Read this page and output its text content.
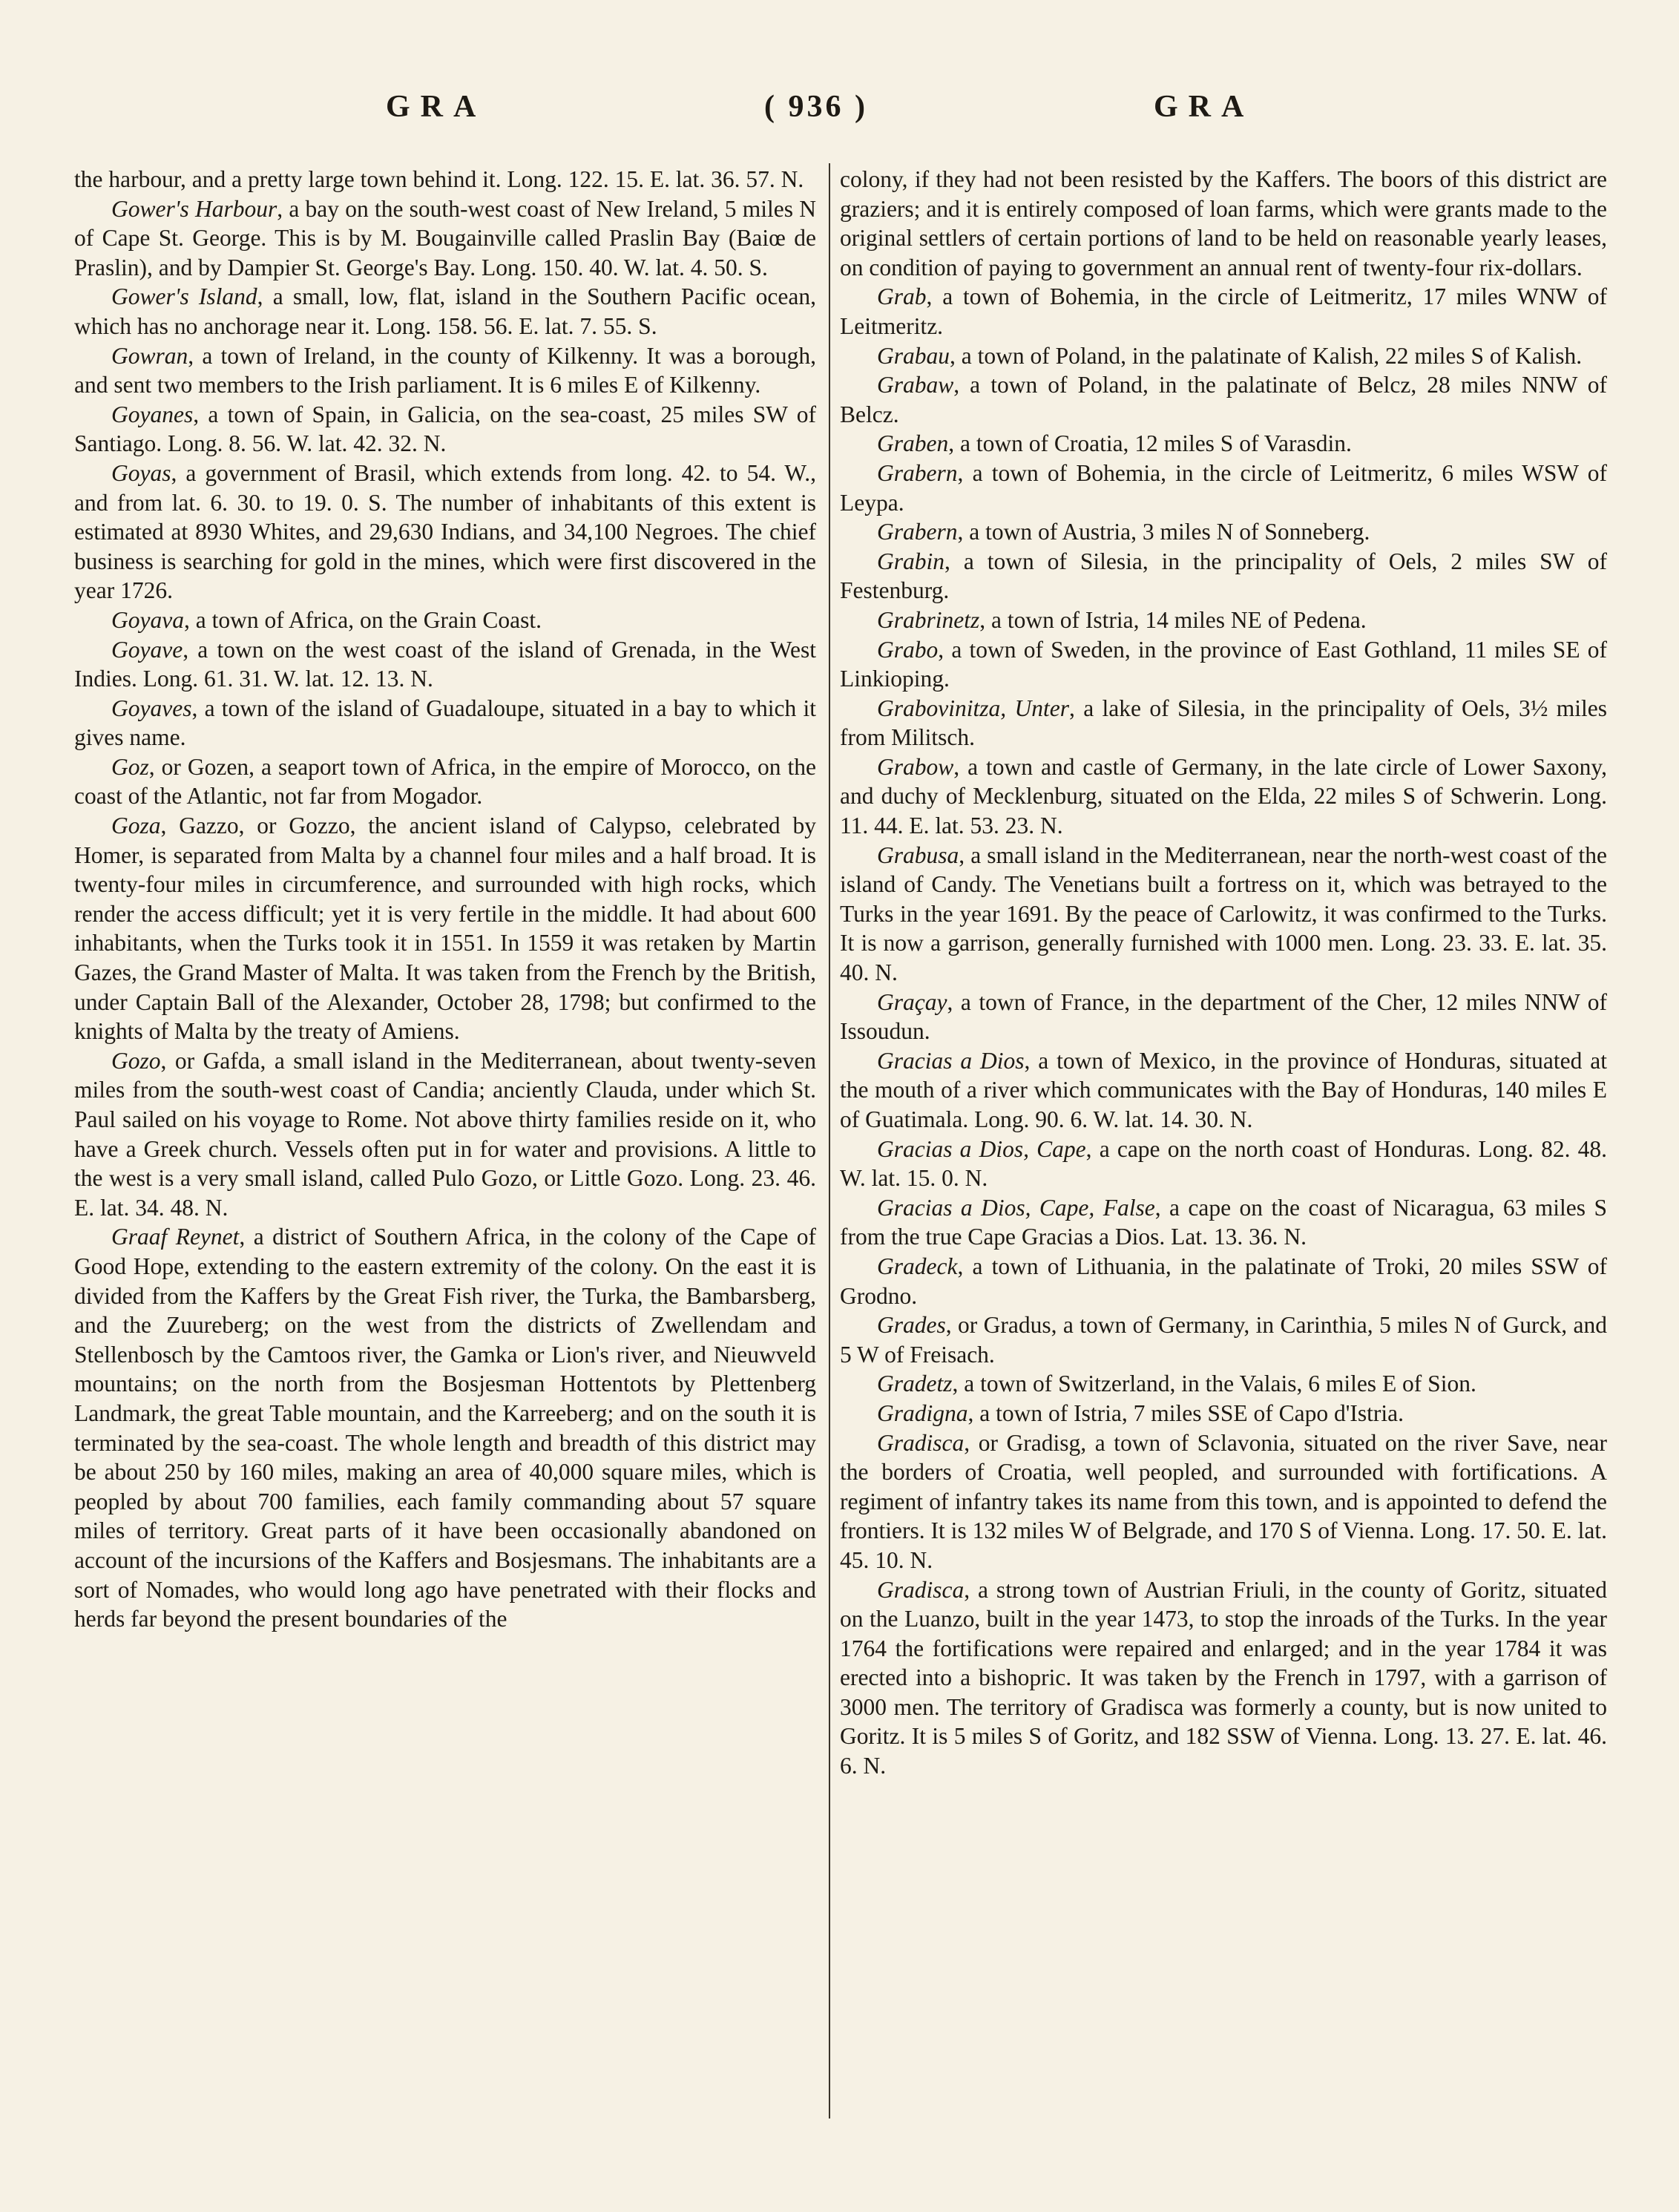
GRA	( 936 )	GRA

the harbour, and a pretty large town behind it. Long. 122. 15. E. lat. 36. 57. N.

Gower's Harbour, a bay on the south-west coast of New Ireland, 5 miles N of Cape St. George. This is by M. Bougainville called Praslin Bay (Baiœ de Praslin), and by Dampier St. George's Bay. Long. 150. 40. W. lat. 4. 50. S.

Gower's Island, a small, low, flat, island in the Southern Pacific ocean, which has no anchorage near it. Long. 158. 56. E. lat. 7. 55. S.

Gowran, a town of Ireland, in the county of Kilkenny. It was a borough, and sent two members to the Irish parliament. It is 6 miles E of Kilkenny.

Goyanes, a town of Spain, in Galicia, on the sea-coast, 25 miles SW of Santiago. Long. 8. 56. W. lat. 42. 32. N.

Goyas, a government of Brasil, which extends from long. 42. to 54. W., and from lat. 6. 30. to 19. 0. S. The number of inhabitants of this extent is estimated at 8930 Whites, and 29,630 Indians, and 34,100 Negroes. The chief business is searching for gold in the mines, which were first discovered in the year 1726.

Goyava, a town of Africa, on the Grain Coast.

Goyave, a town on the west coast of the island of Grenada, in the West Indies. Long. 61. 31. W. lat. 12. 13. N.

Goyaves, a town of the island of Guadaloupe, situated in a bay to which it gives name.

Goz, or Gozen, a seaport town of Africa, in the empire of Morocco, on the coast of the Atlantic, not far from Mogador.

Goza, Gazzo, or Gozzo, the ancient island of Calypso, celebrated by Homer, is separated from Malta by a channel four miles and a half broad. It is twenty-four miles in circumference, and surrounded with high rocks, which render the access difficult; yet it is very fertile in the middle. It had about 600 inhabitants, when the Turks took it in 1551. In 1559 it was retaken by Martin Gazes, the Grand Master of Malta. It was taken from the French by the British, under Captain Ball of the Alexander, October 28, 1798; but confirmed to the knights of Malta by the treaty of Amiens.

Gozo, or Gafda, a small island in the Mediterranean, about twenty-seven miles from the south-west coast of Candia; anciently Clauda, under which St. Paul sailed on his voyage to Rome. Not above thirty families reside on it, who have a Greek church. Vessels often put in for water and provisions. A little to the west is a very small island, called Pulo Gozo, or Little Gozo. Long. 23. 46. E. lat. 34. 48. N.

Graaf Reynet, a district of Southern Africa, in the colony of the Cape of Good Hope, extending to the eastern extremity of the colony. On the east it is divided from the Kaffers by the Great Fish river, the Turka, the Bambarsberg, and the Zuureberg; on the west from the districts of Zwellendam and Stellenbosch by the Camtoos river, the Gamka or Lion's river, and Nieuwveld mountains; on the north from the Bosjesman Hottentots by Plettenberg Landmark, the great Table mountain, and the Karreeberg; and on the south it is terminated by the sea-coast. The whole length and breadth of this district may be about 250 by 160 miles, making an area of 40,000 square miles, which is peopled by about 700 families, each family commanding about 57 square miles of territory. Great parts of it have been occasionally abandoned on account of the incursions of the Kaffers and Bosjesmans. The inhabitants are a sort of Nomades, who would long ago have penetrated with their flocks and herds far beyond the present boundaries of the

colony, if they had not been resisted by the Kaffers. The boors of this district are graziers; and it is entirely composed of loan farms, which were grants made to the original settlers of certain portions of land to be held on reasonable yearly leases, on condition of paying to government an annual rent of twenty-four rix-dollars.

Grab, a town of Bohemia, in the circle of Leitmeritz, 17 miles WNW of Leitmeritz.

Grabau, a town of Poland, in the palatinate of Kalish, 22 miles S of Kalish.

Grabaw, a town of Poland, in the palatinate of Belcz, 28 miles NNW of Belcz.

Graben, a town of Croatia, 12 miles S of Varasdin.

Grabern, a town of Bohemia, in the circle of Leitmeritz, 6 miles WSW of Leypa.

Grabern, a town of Austria, 3 miles N of Sonneberg.

Grabin, a town of Silesia, in the principality of Oels, 2 miles SW of Festenburg.

Grabrinetz, a town of Istria, 14 miles NE of Pedena.

Grabo, a town of Sweden, in the province of East Gothland, 11 miles SE of Linkioping.

Grabovinitza, Unter, a lake of Silesia, in the principality of Oels, 3½ miles from Militsch.

Grabow, a town and castle of Germany, in the late circle of Lower Saxony, and duchy of Mecklenburg, situated on the Elda, 22 miles S of Schwerin. Long. 11. 44. E. lat. 53. 23. N.

Grabusa, a small island in the Mediterranean, near the north-west coast of the island of Candy. The Venetians built a fortress on it, which was betrayed to the Turks in the year 1691. By the peace of Carlowitz, it was confirmed to the Turks. It is now a garrison, generally furnished with 1000 men. Long. 23. 33. E. lat. 35. 40. N.

Graçay, a town of France, in the department of the Cher, 12 miles NNW of Issoudun.

Gracias a Dios, a town of Mexico, in the province of Honduras, situated at the mouth of a river which communicates with the Bay of Honduras, 140 miles E of Guatimala. Long. 90. 6. W. lat. 14. 30. N.

Gracias a Dios, Cape, a cape on the north coast of Honduras. Long. 82. 48. W. lat. 15. 0. N.

Gracias a Dios, Cape, False, a cape on the coast of Nicaragua, 63 miles S from the true Cape Gracias a Dios. Lat. 13. 36. N.

Gradeck, a town of Lithuania, in the palatinate of Troki, 20 miles SSW of Grodno.

Grades, or Gradus, a town of Germany, in Carinthia, 5 miles N of Gurck, and 5 W of Freisach.

Gradetz, a town of Switzerland, in the Valais, 6 miles E of Sion.

Gradigna, a town of Istria, 7 miles SSE of Capo d'Istria.

Gradisca, or Gradisg, a town of Sclavonia, situated on the river Save, near the borders of Croatia, well peopled, and surrounded with fortifications. A regiment of infantry takes its name from this town, and is appointed to defend the frontiers. It is 132 miles W of Belgrade, and 170 S of Vienna. Long. 17. 50. E. lat. 45. 10. N.

Gradisca, a strong town of Austrian Friuli, in the county of Goritz, situated on the Luanzo, built in the year 1473, to stop the inroads of the Turks. In the year 1764 the fortifications were repaired and enlarged; and in the year 1784 it was erected into a bishopric. It was taken by the French in 1797, with a garrison of 3000 men. The territory of Gradisca was formerly a county, but is now united to Goritz. It is 5 miles S of Goritz, and 182 SSW of Vienna. Long. 13. 27. E. lat. 46. 6. N.
